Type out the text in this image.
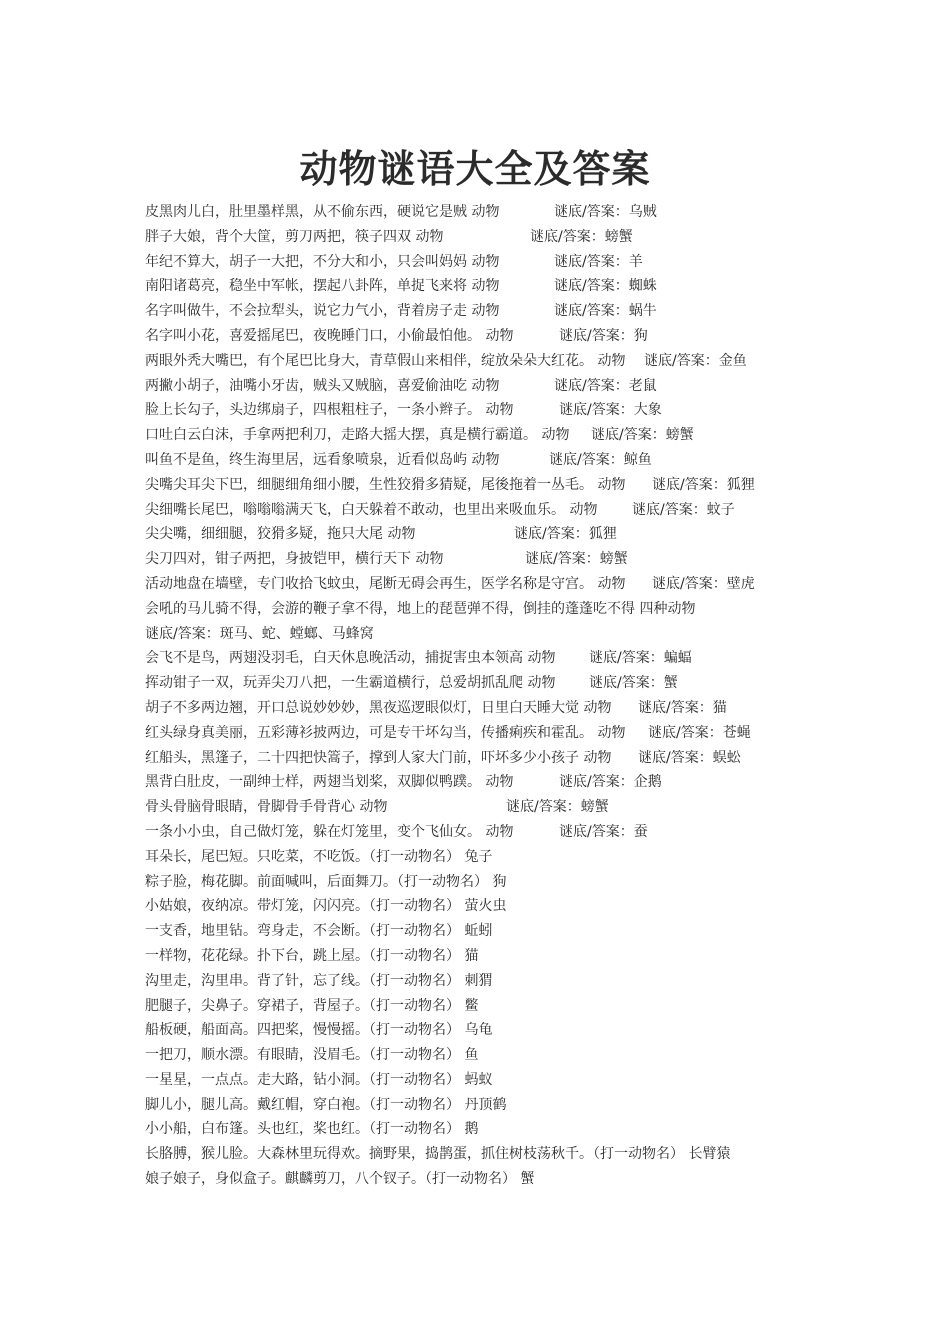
动物谜语大全及答案
皮黑肉儿白，肚里墨样黑，从不偷东西，硬说它是贼 动物	谜底/答案：乌贼
胖子大娘，背个大筐，剪刀两把，筷子四双 动物	谜底/答案：螃蟹
年纪不算大，胡子一大把，不分大和小，只会叫妈妈 动物	谜底/答案：羊
南阳诸葛亮，稳坐中军帐，摆起八卦阵，单捉飞来将 动物	谜底/答案：蜘蛛
名字叫做牛，不会拉犁头，说它力气小，背着房子走 动物	谜底/答案：蜗牛
名字叫小花，喜爱摇尾巴，夜晚睡门口，小偷最怕他。 动物	谜底/答案：狗
两眼外秃大嘴巴，有个尾巴比身大，青草假山来相伴，绽放朵朵大红花。 动物 谜底/答案：金鱼
两撇小胡子，油嘴小牙齿，贼头又贼脑，喜爱偷油吃 动物	谜底/答案：老鼠
脸上长勾子，头边绑扇子，四根粗柱子，一条小辫子。 动物	谜底/答案：大象
口吐白云白沫，手拿两把利刀，走路大摇大摆，真是横行霸道。 动物 谜底/答案：螃蟹
叫鱼不是鱼，终生海里居，远看象喷泉，近看似岛屿 动物	谜底/答案：鲸鱼
尖嘴尖耳尖下巴，细腿细角细小腰，生性狡猾多猜疑，尾後拖着一丛毛。 动物 谜底/答案：狐狸
尖细嘴长尾巴，嗡嗡嗡满天飞，白天躲着不敢动，也里出来吸血乐。 动物 谜底/答案：蚊子
尖尖嘴，细细腿，狡猾多疑，拖只大尾 动物	谜底/答案：狐狸
尖刀四对，钳子两把，身披铠甲，横行天下 动物	谜底/答案：螃蟹
活动地盘在墙壁，专门收拾飞蚊虫，尾断无碍会再生，医学名称是守宫。 动物 谜底/答案：壁虎
会吼的马儿骑不得，会游的鞭子拿不得，地上的琵琶弹不得，倒挂的蓬蓬吃不得 四种动物
谜底/答案：斑马、蛇、螳螂、马蜂窝
会飞不是鸟，两翅没羽毛，白天休息晚活动，捕捉害虫本领高 动物 谜底/答案：蝙蝠
挥动钳子一双，玩弄尖刀八把，一生霸道横行，总爱胡抓乱爬 动物 谜底/答案：蟹
胡子不多两边翘，开口总说妙妙妙，黑夜巡逻眼似灯，日里白天睡大觉 动物 谜底/答案：猫
红头绿身真美丽，五彩薄衫披两边，可是专干坏勾当，传播痢疾和霍乱。 动物 谜底/答案：苍蝇
红船头，黑篷子，二十四把快篙子，撑到人家大门前，吓坏多少小孩子 动物 谜底/答案：蜈蚣
黑背白肚皮，一副绅士样，两翅当划桨，双脚似鸭蹼。 动物	谜底/答案：企鹅
骨头骨脑骨眼睛，骨脚骨手骨背心 动物	谜底/答案：螃蟹
一条小小虫，自己做灯笼，躲在灯笼里，变个飞仙女。 动物	谜底/答案：蚕
耳朵长，尾巴短。只吃菜，不吃饭。（打一动物名） 兔子
粽子脸，梅花脚。前面喊叫，后面舞刀。（打一动物名） 狗
小姑娘，夜纳凉。带灯笼，闪闪亮。（打一动物名） 萤火虫
一支香，地里钻。弯身走，不会断。（打一动物名） 蚯蚓
一样物，花花绿。扑下台，跳上屋。（打一动物名） 猫
沟里走，沟里串。背了针，忘了线。（打一动物名） 刺猬
肥腿子，尖鼻子。穿裙子，背屋子。（打一动物名） 鳖
船板硬，船面高。四把桨，慢慢摇。（打一动物名） 乌龟
一把刀，顺水漂。有眼睛，没眉毛。（打一动物名） 鱼
一星星，一点点。走大路，钻小洞。（打一动物名） 蚂蚁
脚儿小，腿儿高。戴红帽，穿白袍。（打一动物名） 丹顶鹤
小小船，白布篷。头也红，桨也红。（打一动物名） 鹅
长胳膊，猴儿脸。大森林里玩得欢。摘野果，捣鹊蛋，抓住树枝荡秋千。（打一动物名） 长臂猿
娘子娘子，身似盒子。麒麟剪刀，八个钗子。（打一动物名） 蟹
